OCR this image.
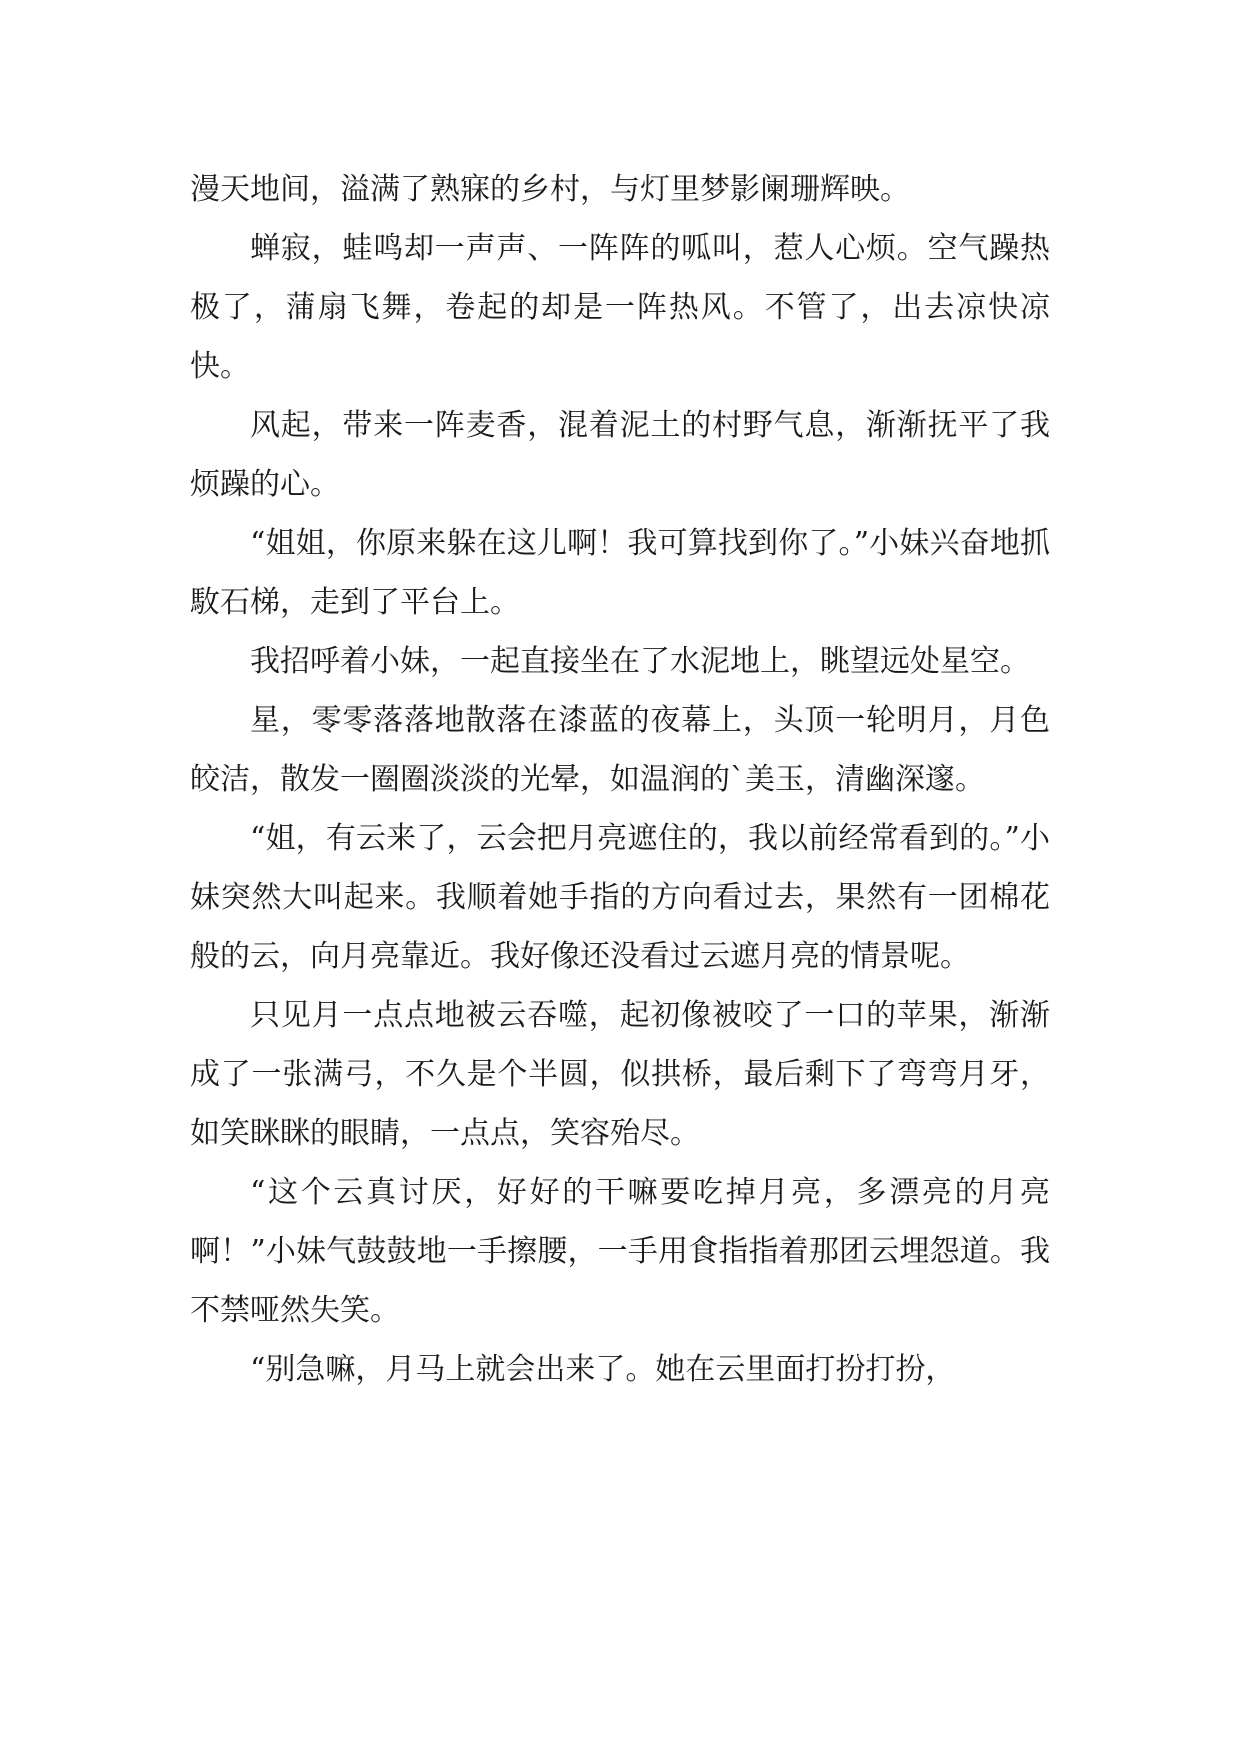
漫天地间，溢满了熟寐的乡村，与灯里梦影阑珊辉映。

蝉寂，蛙鸣却一声声、一阵阵的呱叫，惹人心烦。空气躁热极了，蒲扇飞舞，卷起的却是一阵热风。不管了，出去凉快凉快。

风起，带来一阵麦香，混着泥土的村野气息，渐渐抚平了我烦躁的心。

“姐姐，你原来躲在这儿啊！我可算找到你了。”小妹兴奋地抓駇石梯，走到了平台上。

我招呼着小妹，一起直接坐在了水泥地上，眺望远处星空。

星，零零落落地散落在漆蓝的夜幕上，头顶一轮明月，月色皎洁，散发一圈圈淡淡的光晕，如温润的`美玉，清幽深邃。

“姐，有云来了，云会把月亮遮住的，我以前经常看到的。”小妹突然大叫起来。我顺着她手指的方向看过去，果然有一团棉花般的云，向月亮靠近。我好像还没看过云遮月亮的情景呢。

只见月一点点地被云吞噬，起初像被咬了一口的苹果，渐渐成了一张满弓，不久是个半圆，似拱桥，最后剩下了弯弯月牙，如笑眯眯的眼睛，一点点，笑容殆尽。

“这个云真讨厌，好好的干嘛要吃掉月亮，多漂亮的月亮啊！”小妹气鼓鼓地一手擦腰，一手用食指指着那团云埋怨道。我不禁哑然失笑。

“别急嘛，月马上就会出来了。她在云里面打扮打扮，
